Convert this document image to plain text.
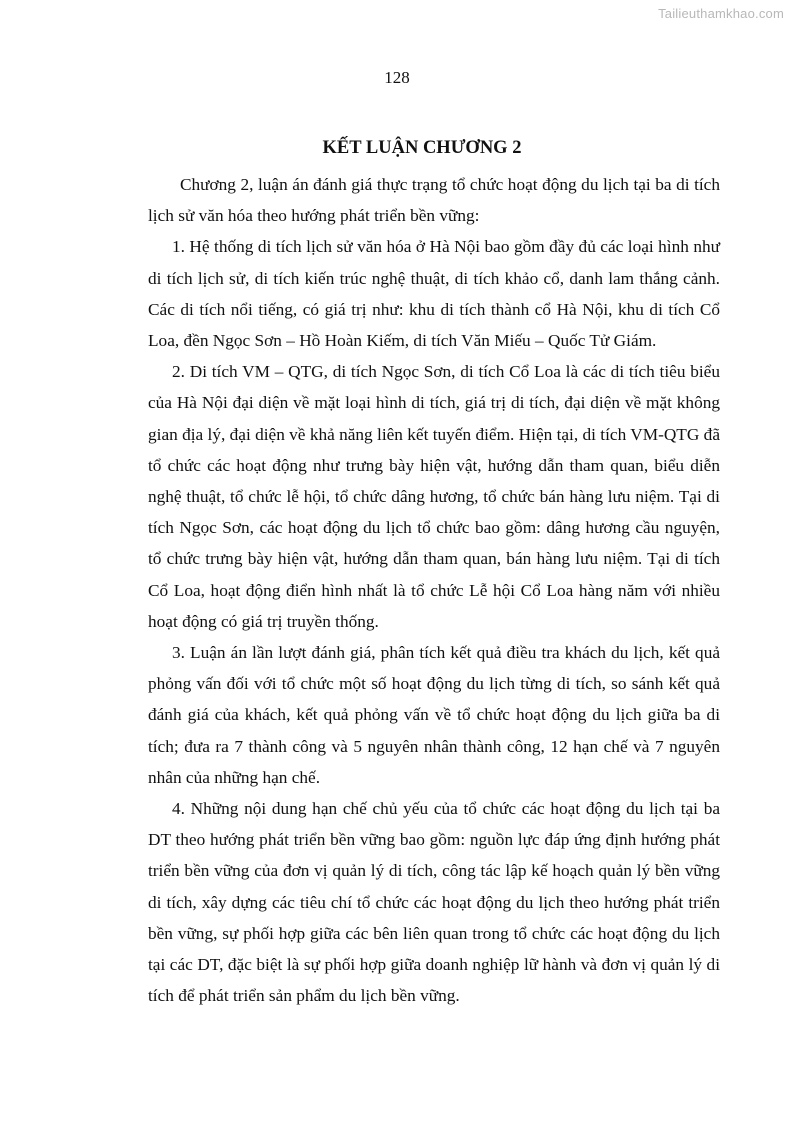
Tailieuthamkhao.com
128
KẾT LUẬN CHƯƠNG 2

Chương 2, luận án đánh giá thực trạng tổ chức hoạt động du lịch tại ba di tích lịch sử văn hóa theo hướng phát triển bền vững:

1. Hệ thống di tích lịch sử văn hóa ở Hà Nội bao gồm đầy đủ các loại hình như di tích lịch sử, di tích kiến trúc nghệ thuật, di tích khảo cổ, danh lam thắng cảnh. Các di tích nổi tiếng, có giá trị như: khu di tích thành cổ Hà Nội, khu di tích Cổ Loa, đền Ngọc Sơn – Hồ Hoàn Kiếm, di tích Văn Miếu – Quốc Tử Giám.

2. Di tích VM – QTG, di tích Ngọc Sơn, di tích Cổ Loa là các di tích tiêu biểu của Hà Nội đại diện về mặt loại hình di tích, giá trị di tích, đại diện về mặt không gian địa lý, đại diện về khả năng liên kết tuyến điểm. Hiện tại, di tích VM-QTG đã tổ chức các hoạt động như trưng bày hiện vật, hướng dẫn tham quan, biểu diễn nghệ thuật, tổ chức lễ hội, tổ chức dâng hương, tổ chức bán hàng lưu niệm. Tại di tích Ngọc Sơn, các hoạt động du lịch tổ chức bao gồm: dâng hương cầu nguyện, tổ chức trưng bày hiện vật, hướng dẫn tham quan, bán hàng lưu niệm. Tại di tích Cổ Loa, hoạt động điển hình nhất là tổ chức Lễ hội Cổ Loa hàng năm với nhiều hoạt động có giá trị truyền thống.

3. Luận án lần lượt đánh giá, phân tích kết quả điều tra khách du lịch, kết quả phỏng vấn đối với tổ chức một số hoạt động du lịch từng di tích, so sánh kết quả đánh giá của khách, kết quả phỏng vấn về tổ chức hoạt động du lịch giữa ba di tích; đưa ra 7 thành công và 5 nguyên nhân thành công, 12 hạn chế và 7 nguyên nhân của những hạn chế.

4. Những nội dung hạn chế chủ yếu của tổ chức các hoạt động du lịch tại ba DT theo hướng phát triển bền vững bao gồm: nguồn lực đáp ứng định hướng phát triển bền vững của đơn vị quản lý di tích, công tác lập kế hoạch quản lý bền vững di tích, xây dựng các tiêu chí tổ chức các hoạt động du lịch theo hướng phát triển bền vững, sự phối hợp giữa các bên liên quan trong tổ chức các hoạt động du lịch tại các DT, đặc biệt là sự phối hợp giữa doanh nghiệp lữ hành và đơn vị quản lý di tích để phát triển sản phẩm du lịch bền vững.
